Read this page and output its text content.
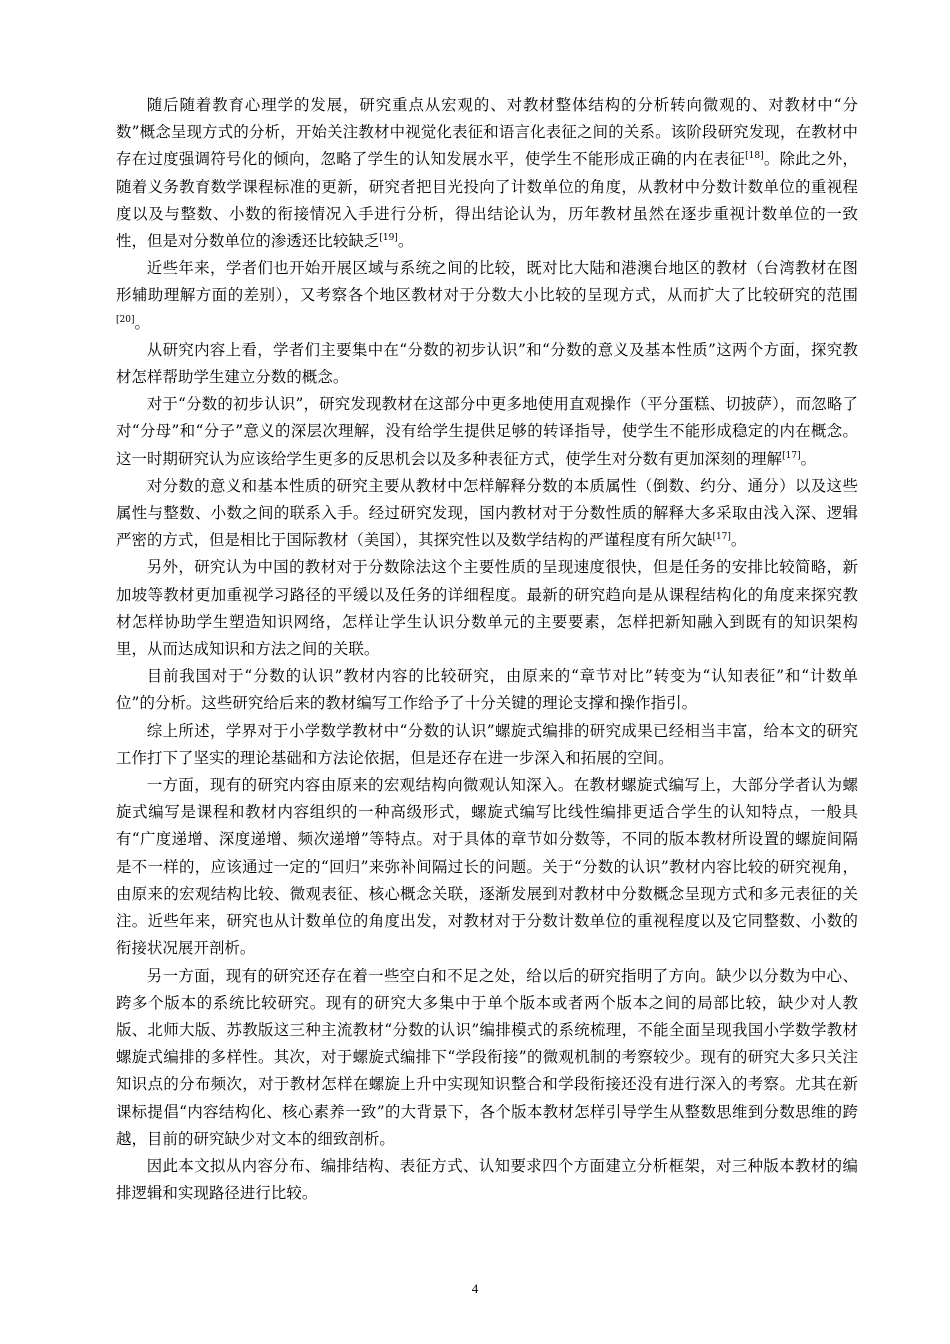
随后随着教育心理学的发展，研究重点从宏观的、对教材整体结构的分析转向微观的、对教材中“分数”概念呈现方式的分析，开始关注教材中视觉化表征和语言化表征之间的关系。该阶段研究发现，在教材中存在过度强调符号化的倾向，忽略了学生的认知发展水平，使学生不能形成正确的内在表征[18]。除此之外，随着义务教育数学课程标准的更新，研究者把目光投向了计数单位的角度，从教材中分数计数单位的重视程度以及与整数、小数的衔接情况入手进行分析，得出结论认为，历年教材虽然在逐步重视计数单位的一致性，但是对分数单位的渗透还比较缺乏[19]。

近些年来，学者们也开始开展区域与系统之间的比较，既对比大陆和港澳台地区的教材（台湾教材在图形辅助理解方面的差别），又考察各个地区教材对于分数大小比较的呈现方式，从而扩大了比较研究的范围[20]。

从研究内容上看，学者们主要集中在“分数的初步认识”和“分数的意义及基本性质”这两个方面，探究教材怎样帮助学生建立分数的概念。

对于“分数的初步认识”，研究发现教材在这部分中更多地使用直观操作（平分蛋糕、切披萨），而忽略了对“分母”和“分子”意义的深层次理解，没有给学生提供足够的转译指导，使学生不能形成稳定的内在概念。这一时期研究认为应该给学生更多的反思机会以及多种表征方式，使学生对分数有更加深刻的理解[17]。

对分数的意义和基本性质的研究主要从教材中怎样解释分数的本质属性（倒数、约分、通分）以及这些属性与整数、小数之间的联系入手。经过研究发现，国内教材对于分数性质的解释大多采取由浅入深、逻辑严密的方式，但是相比于国际教材（美国），其探究性以及数学结构的严谨程度有所欠缺[17]。

另外，研究认为中国的教材对于分数除法这个主要性质的呈现速度很快，但是任务的安排比较简略，新加坡等教材更加重视学习路径的平缓以及任务的详细程度。最新的研究趋向是从课程结构化的角度来探究教材怎样协助学生塑造知识网络，怎样让学生认识分数单元的主要要素，怎样把新知融入到既有的知识架构里，从而达成知识和方法之间的关联。

目前我国对于“分数的认识”教材内容的比较研究，由原来的“章节对比”转变为“认知表征”和“计数单位”的分析。这些研究给后来的教材编写工作给予了十分关键的理论支撑和操作指引。

综上所述，学界对于小学数学教材中“分数的认识”螺旋式编排的研究成果已经相当丰富，给本文的研究工作打下了坚实的理论基础和方法论依据，但是还存在进一步深入和拓展的空间。

一方面，现有的研究内容由原来的宏观结构向微观认知深入。在教材螺旋式编写上，大部分学者认为螺旋式编写是课程和教材内容组织的一种高级形式，螺旋式编写比线性编排更适合学生的认知特点，一般具有“广度递增、深度递增、频次递增”等特点。对于具体的章节如分数等，不同的版本教材所设置的螺旋间隔是不一样的，应该通过一定的“回归”来弥补间隔过长的问题。关于“分数的认识”教材内容比较的研究视角，由原来的宏观结构比较、微观表征、核心概念关联，逐渐发展到对教材中分数概念呈现方式和多元表征的关注。近些年来，研究也从计数单位的角度出发，对教材对于分数计数单位的重视程度以及它同整数、小数的衔接状况展开剖析。

另一方面，现有的研究还存在着一些空白和不足之处，给以后的研究指明了方向。缺少以分数为中心、跨多个版本的系统比较研究。现有的研究大多集中于单个版本或者两个版本之间的局部比较，缺少对人教版、北师大版、苏教版这三种主流教材“分数的认识”编排模式的系统梳理，不能全面呈现我国小学数学教材螺旋式编排的多样性。其次，对于螺旋式编排下“学段衔接”的微观机制的考察较少。现有的研究大多只关注知识点的分布频次，对于教材怎样在螺旋上升中实现知识整合和学段衔接还没有进行深入的考察。尤其在新课标提倡“内容结构化、核心素养一致”的大背景下，各个版本教材怎样引导学生从整数思维到分数思维的跨越，目前的研究缺少对文本的细致剖析。

因此本文拟从内容分布、编排结构、表征方式、认知要求四个方面建立分析框架，对三种版本教材的编排逻辑和实现路径进行比较。

4
